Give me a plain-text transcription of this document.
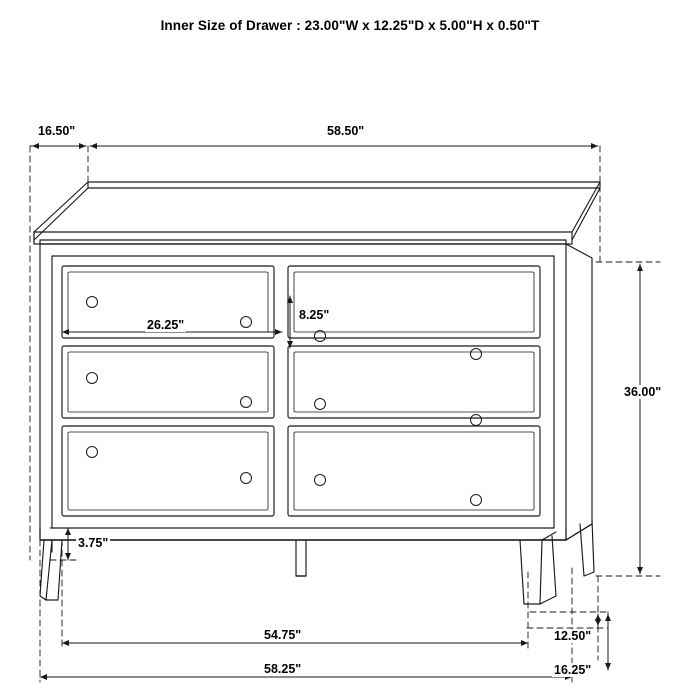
Inner Size of Drawer : 23.00"W x 12.25"D x 5.00"H x 0.50"T
16.50"	58.50"
26.25"
8.25"
36.00"
3.75"
54.75"
58.25"
12.50"
16.25"
